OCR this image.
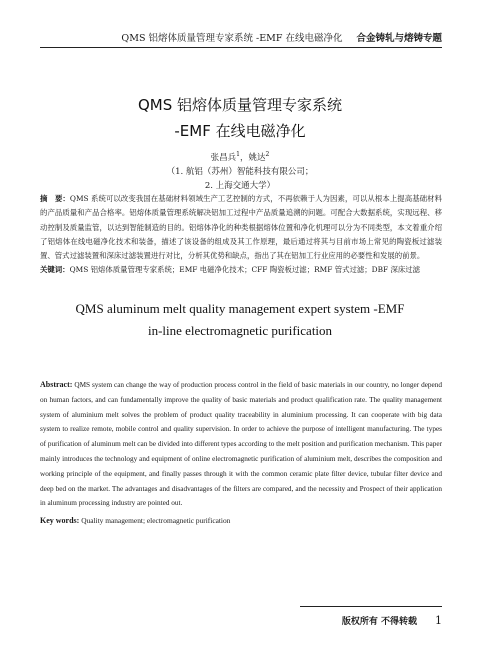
QMS 铝熔体质量管理专家系统 -EMF 在线电磁净化 合金铸轧与熔铸专题
QMS 铝熔体质量管理专家系统
-EMF 在线电磁净化
张昌兵$^1$，姚达$^2$
（1. 航铝（苏州）智能科技有限公司；
2. 上海交通大学）
摘　要：QMS 系统可以改变我国在基础材料领域生产工艺控制的方式，不再依赖于人为因素，可以从根本上提高基础材料的产品质量和产品合格率。铝熔体质量管理系统解决铝加工过程中产品质量追溯的问题。可配合大数据系统，实现远程、移动控制及质量监管，以达到智能制造的目的。铝熔体净化的种类根据熔体位置和净化机理可以分为不同类型，本文着重介绍了铝熔体在线电磁净化技术和装备，描述了该设备的组成及其工作原理，最后通过将其与目前市场上常见的陶瓷板过滤装置、管式过滤装置和深床过滤装置进行对比，分析其优势和缺点，指出了其在铝加工行业应用的必要性和发展的前景。
关键词：QMS 铝熔体质量管理专家系统；EMF 电磁净化技术；CFF 陶瓷板过滤；RMF 管式过滤；DBF 深床过滤
QMS aluminum melt quality management expert system -EMF
in-line electromagnetic purification
Abstract: QMS system can change the way of production process control in the field of basic materials in our country, no longer depend on human factors, and can fundamentally improve the quality of basic materials and product qualification rate. The quality management system of aluminium melt solves the problem of product quality traceability in aluminium processing. It can cooperate with big data system to realize remote, mobile control and quality supervision. In order to achieve the purpose of intelligent manufacturing. The types of purification of aluminum melt can be divided into different types according to the melt position and purification mechanism. This paper mainly introduces the technology and equipment of online electromagnetic purification of aluminium melt, describes the composition and working principle of the equipment, and finally passes through it with the common ceramic plate filter device, tubular filter device and deep bed on the market. The advantages and disadvantages of the filters are compared, and the necessity and Prospect of their application in aluminum processing industry are pointed out.
Key words: Quality management; electromagnetic purification
版权所有 不得转载 1
